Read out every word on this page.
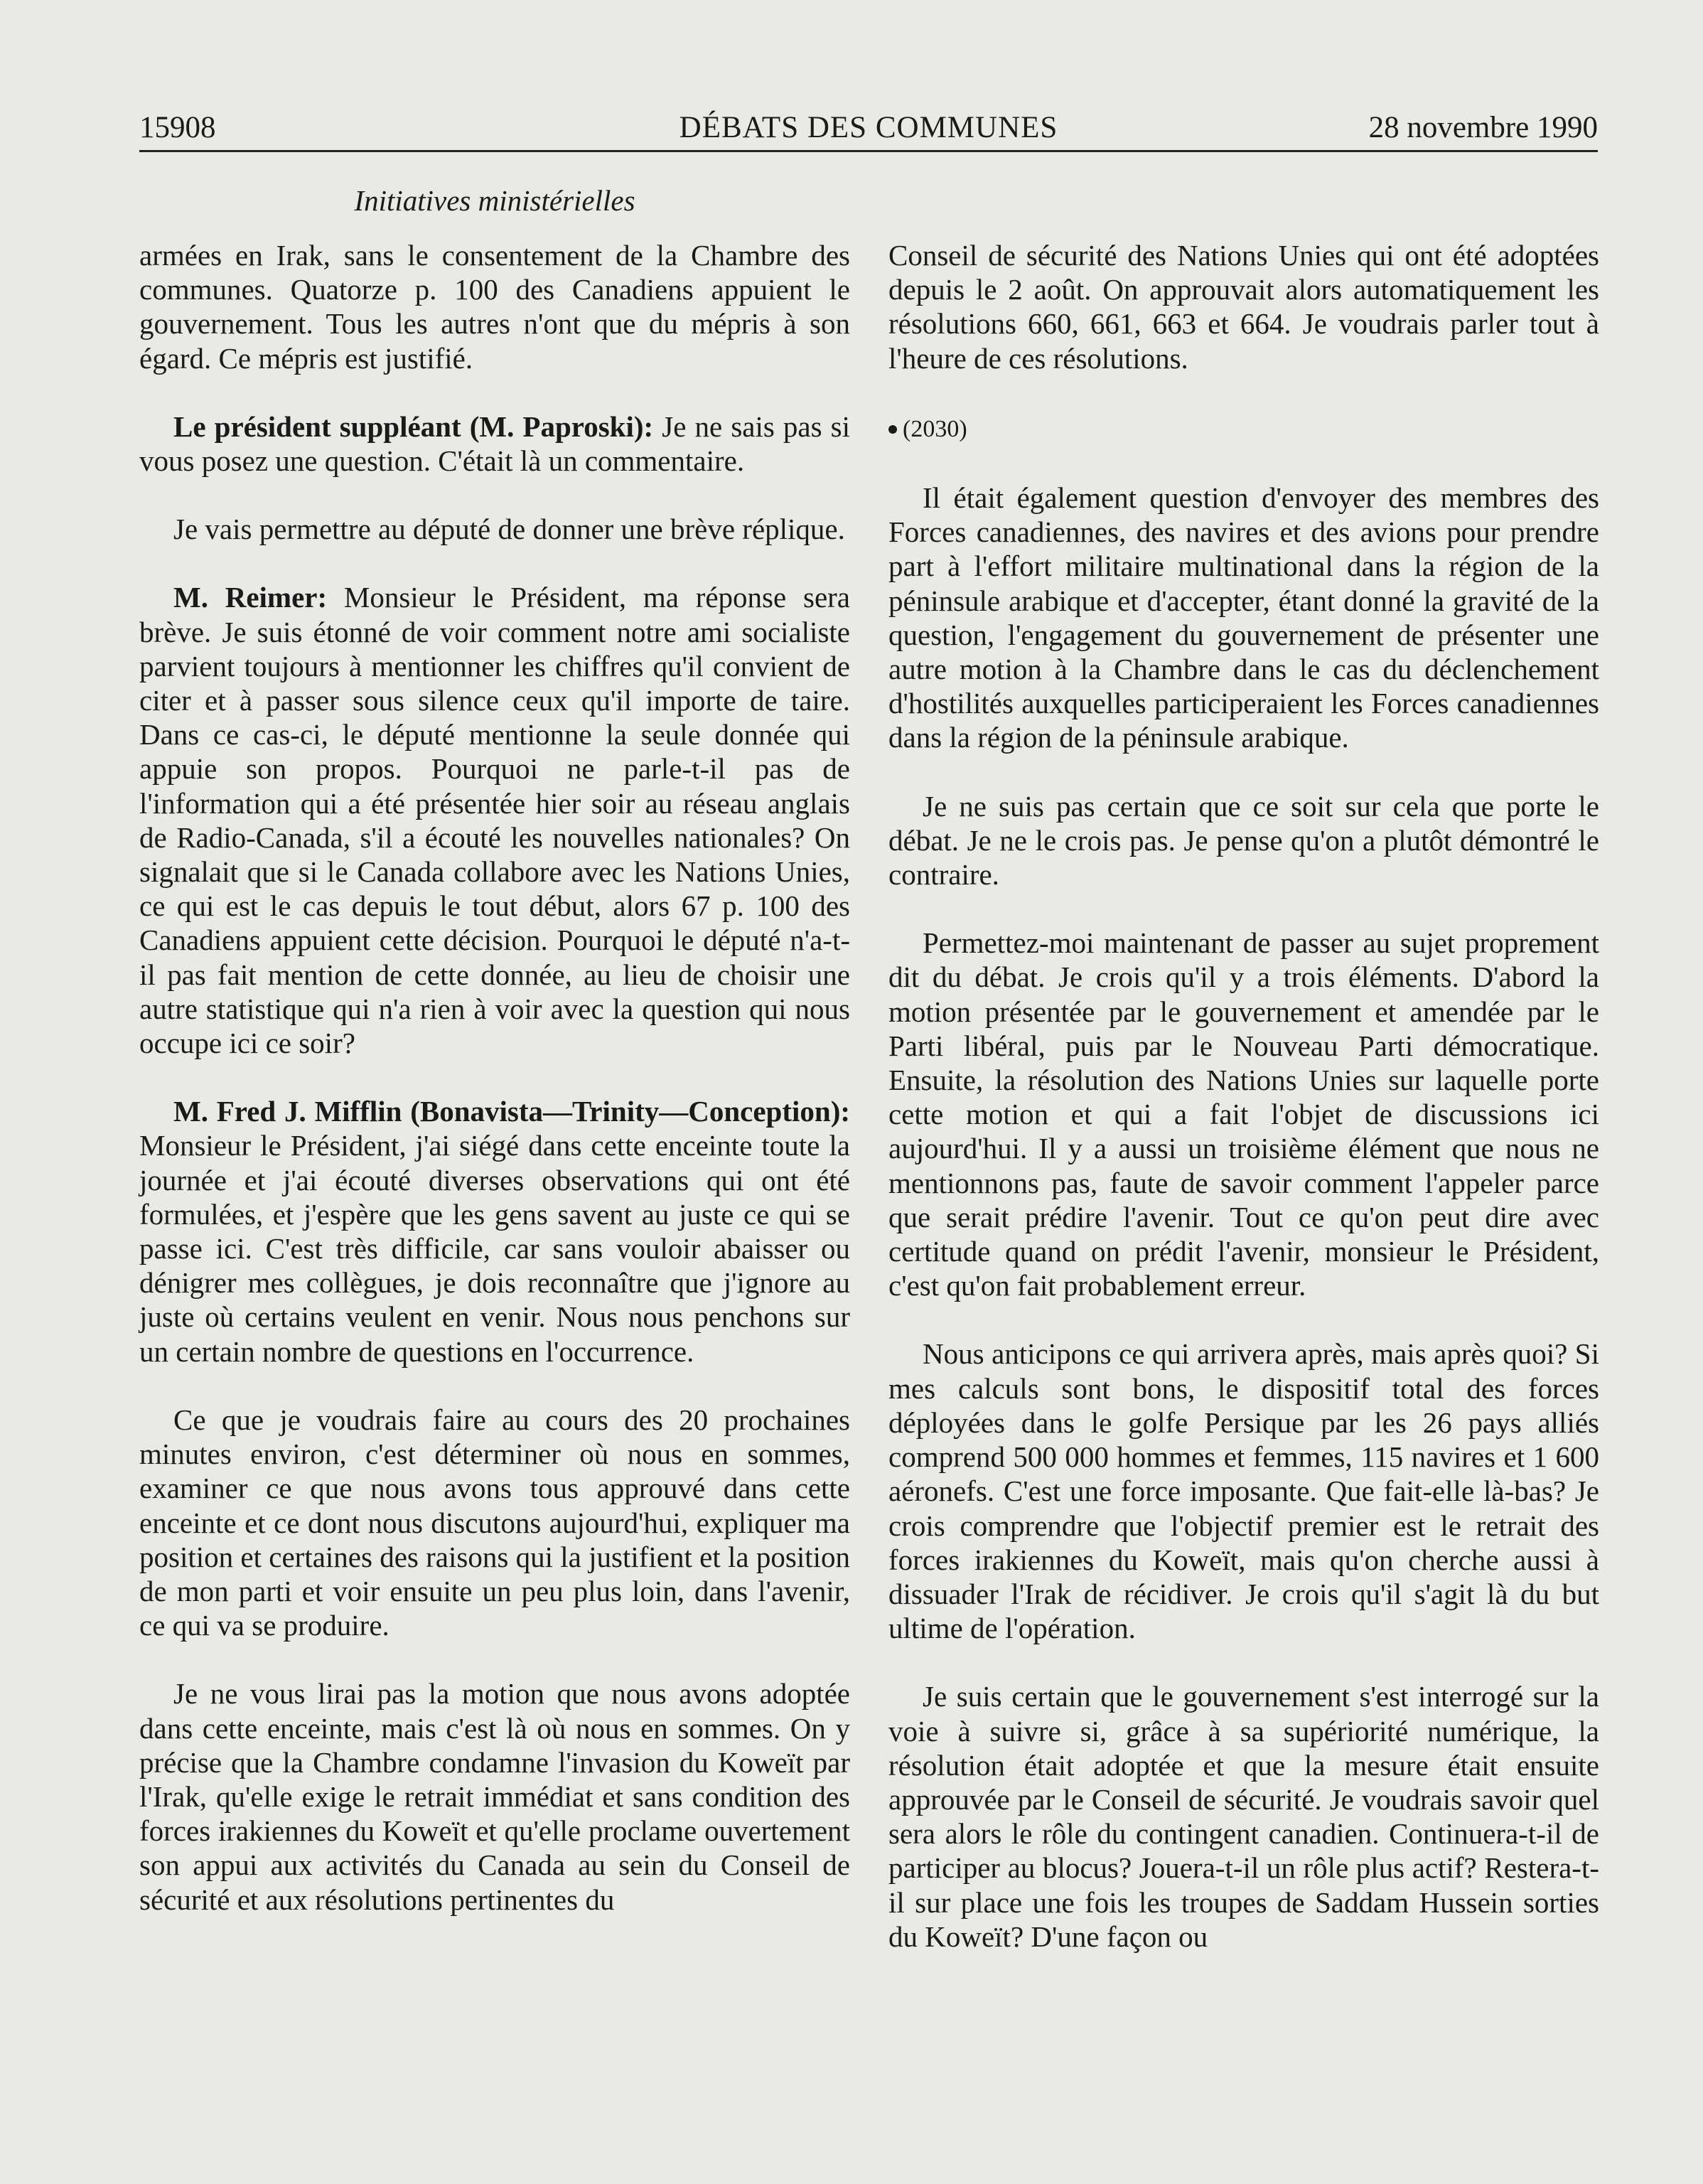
15908	DÉBATS DES COMMUNES	28 novembre 1990
Initiatives ministérielles

armées en Irak, sans le consentement de la Chambre des communes. Quatorze p. 100 des Canadiens appuient le gouvernement. Tous les autres n'ont que du mépris à son égard. Ce mépris est justifié.

Le président suppléant (M. Paproski): Je ne sais pas si vous posez une question. C'était là un commentaire.

Je vais permettre au député de donner une brève réplique.

M. Reimer: Monsieur le Président, ma réponse sera brève. Je suis étonné de voir comment notre ami socialiste parvient toujours à mentionner les chiffres qu'il convient de citer et à passer sous silence ceux qu'il importe de taire. Dans ce cas-ci, le député mentionne la seule donnée qui appuie son propos. Pourquoi ne parle-t-il pas de l'information qui a été présentée hier soir au réseau anglais de Radio-Canada, s'il a écouté les nouvelles nationales? On signalait que si le Canada collabore avec les Nations Unies, ce qui est le cas depuis le tout début, alors 67 p. 100 des Canadiens appuient cette décision. Pourquoi le député n'a-t-il pas fait mention de cette donnée, au lieu de choisir une autre statistique qui n'a rien à voir avec la question qui nous occupe ici ce soir?

M. Fred J. Mifflin (Bonavista—Trinity—Conception): Monsieur le Président, j'ai siégé dans cette enceinte toute la journée et j'ai écouté diverses observations qui ont été formulées, et j'espère que les gens savent au juste ce qui se passe ici. C'est très difficile, car sans vouloir abaisser ou dénigrer mes collègues, je dois reconnaître que j'ignore au juste où certains veulent en venir. Nous nous penchons sur un certain nombre de questions en l'occurrence.

Ce que je voudrais faire au cours des 20 prochaines minutes environ, c'est déterminer où nous en sommes, examiner ce que nous avons tous approuvé dans cette enceinte et ce dont nous discutons aujourd'hui, expliquer ma position et certaines des raisons qui la justifient et la position de mon parti et voir ensuite un peu plus loin, dans l'avenir, ce qui va se produire.

Je ne vous lirai pas la motion que nous avons adoptée dans cette enceinte, mais c'est là où nous en sommes. On y précise que la Chambre condamne l'invasion du Koweït par l'Irak, qu'elle exige le retrait immédiat et sans condition des forces irakiennes du Koweït et qu'elle proclame ouvertement son appui aux activités du Canada au sein du Conseil de sécurité et aux résolutions pertinentes du

Conseil de sécurité des Nations Unies qui ont été adoptées depuis le 2 août. On approuvait alors automatiquement les résolutions 660, 661, 663 et 664. Je voudrais parler tout à l'heure de ces résolutions.

(2030)

Il était également question d'envoyer des membres des Forces canadiennes, des navires et des avions pour prendre part à l'effort militaire multinational dans la région de la péninsule arabique et d'accepter, étant donné la gravité de la question, l'engagement du gouvernement de présenter une autre motion à la Chambre dans le cas du déclenchement d'hostilités auxquelles participeraient les Forces canadiennes dans la région de la péninsule arabique.

Je ne suis pas certain que ce soit sur cela que porte le débat. Je ne le crois pas. Je pense qu'on a plutôt démontré le contraire.

Permettez-moi maintenant de passer au sujet proprement dit du débat. Je crois qu'il y a trois éléments. D'abord la motion présentée par le gouvernement et amendée par le Parti libéral, puis par le Nouveau Parti démocratique. Ensuite, la résolution des Nations Unies sur laquelle porte cette motion et qui a fait l'objet de discussions ici aujourd'hui. Il y a aussi un troisième élément que nous ne mentionnons pas, faute de savoir comment l'appeler parce que serait prédire l'avenir. Tout ce qu'on peut dire avec certitude quand on prédit l'avenir, monsieur le Président, c'est qu'on fait probablement erreur.

Nous anticipons ce qui arrivera après, mais après quoi? Si mes calculs sont bons, le dispositif total des forces déployées dans le golfe Persique par les 26 pays alliés comprend 500 000 hommes et femmes, 115 navires et 1 600 aéronefs. C'est une force imposante. Que fait-elle là-bas? Je crois comprendre que l'objectif premier est le retrait des forces irakiennes du Koweït, mais qu'on cherche aussi à dissuader l'Irak de récidiver. Je crois qu'il s'agit là du but ultime de l'opération.

Je suis certain que le gouvernement s'est interrogé sur la voie à suivre si, grâce à sa supériorité numérique, la résolution était adoptée et que la mesure était ensuite approuvée par le Conseil de sécurité. Je voudrais savoir quel sera alors le rôle du contingent canadien. Continuera-t-il de participer au blocus? Jouera-t-il un rôle plus actif? Restera-t-il sur place une fois les troupes de Saddam Hussein sorties du Koweït? D'une façon ou
